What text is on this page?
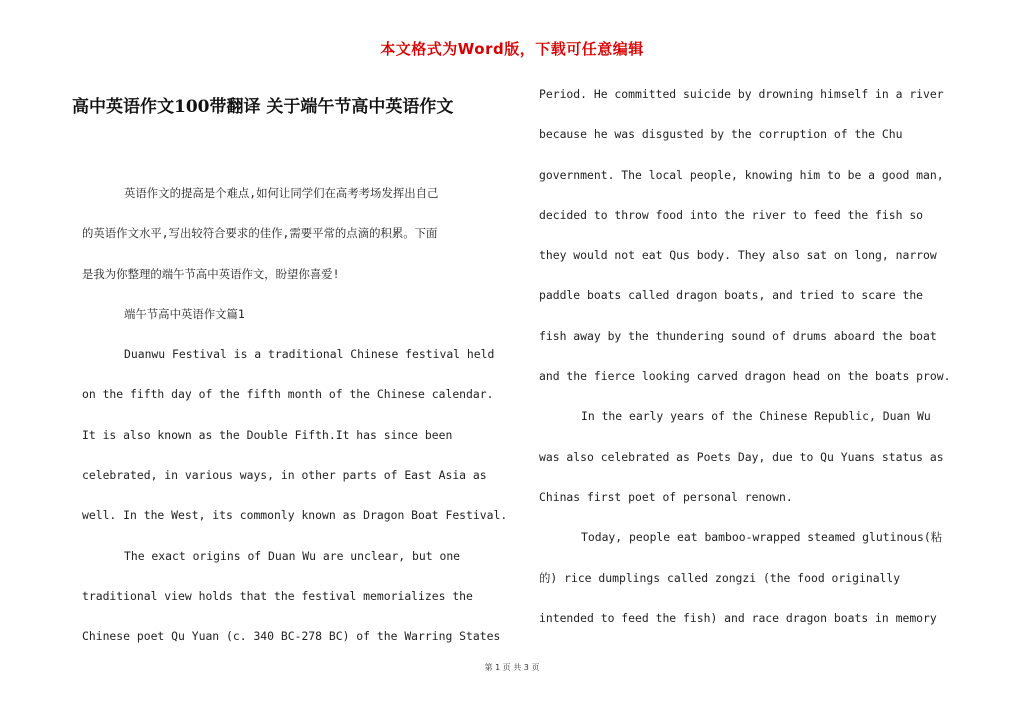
本文格式为Word版，下载可任意编辑
高中英语作文100带翻译 关于端午节高中英语作文
英语作文的提高是个难点,如何让同学们在高考考场发挥出自己
的英语作文水平,写出较符合要求的佳作,需要平常的点滴的积累。下面
是我为你整理的端午节高中英语作文，盼望你喜爱!
端午节高中英语作文篇1
Duanwu Festival is a traditional Chinese festival held
on the fifth day of the fifth month of the Chinese calendar.
It is also known as the Double Fifth.It has since been
celebrated, in various ways, in other parts of East Asia as
well. In the West, its commonly known as Dragon Boat Festival.
The exact origins of Duan Wu are unclear, but one
traditional view holds that the festival memorializes the
Chinese poet Qu Yuan (c. 340 BC-278 BC) of the Warring States
Period. He committed suicide by drowning himself in a river
because he was disgusted by the corruption of the Chu
government. The local people, knowing him to be a good man,
decided to throw food into the river to feed the fish so
they would not eat Qus body. They also sat on long, narrow
paddle boats called dragon boats, and tried to scare the
fish away by the thundering sound of drums aboard the boat
and the fierce looking carved dragon head on the boats prow.
In the early years of the Chinese Republic, Duan Wu
was also celebrated as Poets Day, due to Qu Yuans status as
Chinas first poet of personal renown.
Today, people eat bamboo-wrapped steamed glutinous(粘
的) rice dumplings called zongzi (the food originally
intended to feed the fish) and race dragon boats in memory
第 1 页 共 3 页
